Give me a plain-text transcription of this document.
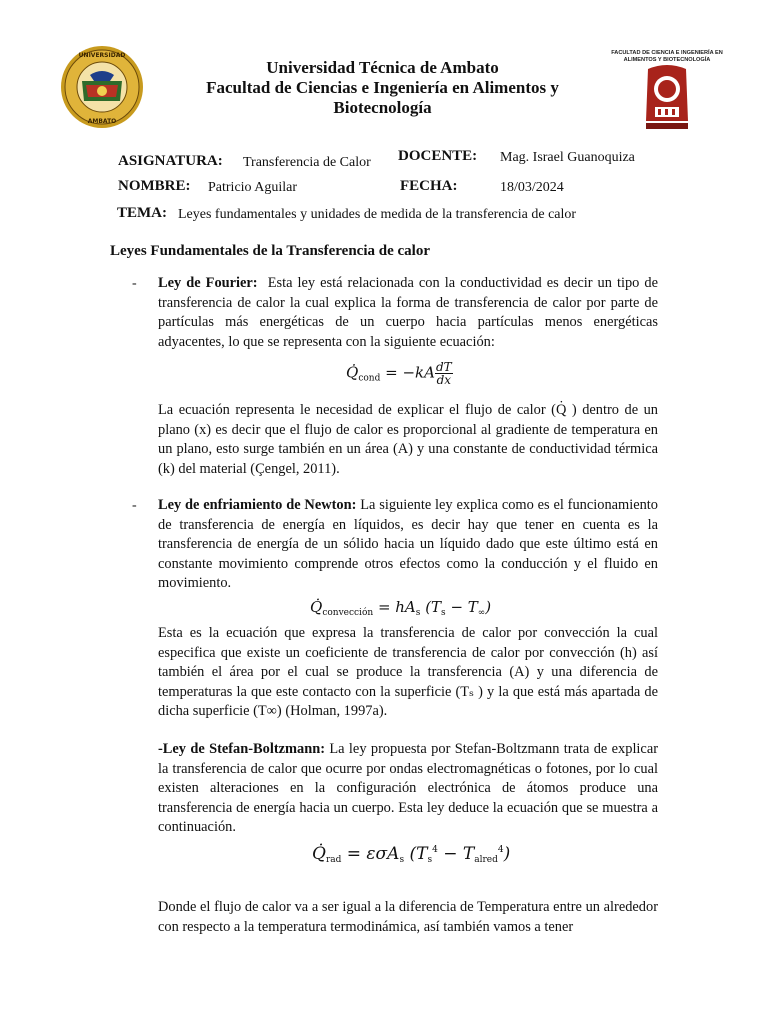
UNIVERSIDAD
AMBATO
FACULTAD DE CIENCIA E INGENIERÍA EN
ALIMENTOS Y BIOTECNOLOGÍA
Universidad Técnica de Ambato
Facultad de Ciencias e Ingeniería en Alimentos y
Biotecnología
ASIGNATURA: Transferencia de Calor DOCENTE: Mag. Israel Guanoquiza
NOMBRE: Patricio Aguilar	FECHA:	18/03/2024
TEMA: Leyes fundamentales y unidades de medida de la transferencia de calor
Leyes Fundamentales de la Transferencia de calor
- Ley de Fourier: Esta ley está relacionada con la conductividad es decir un tipo de transferencia de calor la cual explica la forma de transferencia de calor por parte de partículas más energéticas de un cuerpo hacia partículas menos energéticas adyacentes, lo que se representa con la siguiente ecuación:
$Q̇_{cond} = -kA \frac{dT}{dx}$
La ecuación representa le necesidad de explicar el flujo de calor (Q̇ ) dentro de un plano (x) es decir que el flujo de calor es proporcional al gradiente de temperatura en un plano, esto surge también en un área (A) y una constante de conductividad térmica (k) del material (Çengel, 2011).
- Ley de enfriamiento de Newton: La siguiente ley explica como es el funcionamiento de transferencia de energía en líquidos, es decir hay que tener en cuenta es la transferencia de energía de un sólido hacia un líquido dado que este último está en constante movimiento comprende otros efectos como la conducción y el fluido en movimiento.
$Q̇_{convección} = hA_s$ $(T_s - T_\infty)$
Esta es la ecuación que expresa la transferencia de calor por convección la cual especifica que existe un coeficiente de transferencia de calor por convección (h) así también el área por el cual se produce la transferencia (A) y una diferencia de temperaturas la que este contacto con la superficie (Tₛ ) y la que está más apartada de dicha superficie (T∞) (Holman, 1997a).
-Ley de Stefan-Boltzmann: La ley propuesta por Stefan-Boltzmann trata de explicar la transferencia de calor que ocurre por ondas electromagnéticas o fotones, por lo cual existen alteraciones en la configuración electrónica de átomos produce una transferencia de energía hacia un cuerpo. Esta ley deduce la ecuación que se muestra a continuación.
$Q̇_{rad} = \varepsilon\sigma A_s$ $(T_s^4 - T_{alred}^4)$
Donde el flujo de calor va a ser igual a la diferencia de Temperatura entre un alrededor con respecto a la temperatura termodinámica, así también vamos a tener
